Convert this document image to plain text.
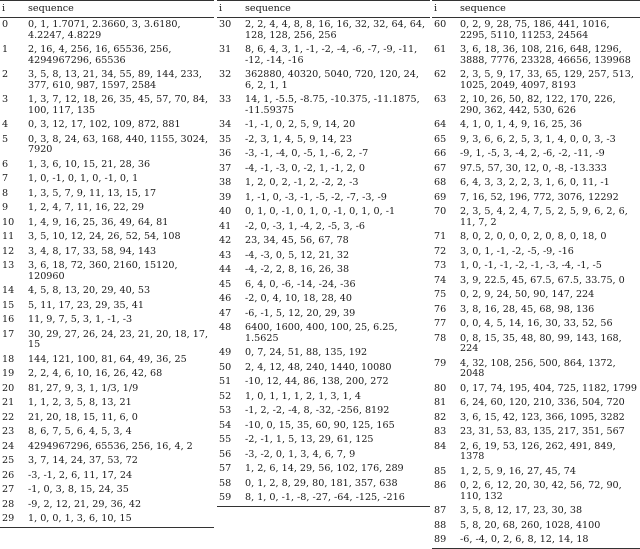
i	sequence
0	0, 1, 1.7071, 2.3660, 3, 3.6180, 4.2247, 4.8229
1	2, 16, 4, 256, 16, 65536, 256, 4294967296, 65536
2	3, 5, 8, 13, 21, 34, 55, 89, 144, 233, 377, 610, 987, 1597, 2584
3	1, 3, 7, 12, 18, 26, 35, 45, 57, 70, 84, 100, 117, 135
4	0, 3, 12, 17, 102, 109, 872, 881
5	0, 3, 8, 24, 63, 168, 440, 1155, 3024, 7920
6	1, 3, 6, 10, 15, 21, 28, 36
7	1, 0, -1, 0, 1, 0, -1, 0, 1
8	1, 3, 5, 7, 9, 11, 13, 15, 17
9	1, 2, 4, 7, 11, 16, 22, 29
10	1, 4, 9, 16, 25, 36, 49, 64, 81
11	3, 5, 10, 12, 24, 26, 52, 54, 108
12	3, 4, 8, 17, 33, 58, 94, 143
13	3, 6, 18, 72, 360, 2160, 15120, 120960
14	4, 5, 8, 13, 20, 29, 40, 53
15	5, 11, 17, 23, 29, 35, 41
16	11, 9, 7, 5, 3, 1, -1, -3
17	30, 29, 27, 26, 24, 23, 21, 20, 18, 17, 15
18	144, 121, 100, 81, 64, 49, 36, 25
19	2, 2, 4, 6, 10, 16, 26, 42, 68
20	81, 27, 9, 3, 1, 1/3, 1/9
21	1, 1, 2, 3, 5, 8, 13, 21
22	21, 20, 18, 15, 11, 6, 0
23	8, 6, 7, 5, 6, 4, 5, 3, 4
24	4294967296, 65536, 256, 16, 4, 2
25	3, 7, 14, 24, 37, 53, 72
26	-3, -1, 2, 6, 11, 17, 24
27	-1, 0, 3, 8, 15, 24, 35
28	-9, 2, 12, 21, 29, 36, 42
29	1, 0, 0, 1, 3, 6, 10, 15
i	sequence
30	2, 2, 4, 4, 8, 8, 16, 16, 32, 32, 64, 64, 128, 128, 256, 256
31	8, 6, 4, 3, 1, -1, -2, -4, -6, -7, -9, -11, -12, -14, -16
32	362880, 40320, 5040, 720, 120, 24, 6, 2, 1, 1
33	14, 1, -5.5, -8.75, -10.375, -11.1875, -11.59375
34	-1, -1, 0, 2, 5, 9, 14, 20
35	-2, 3, 1, 4, 5, 9, 14, 23
36	-3, -1, -4, 0, -5, 1, -6, 2, -7
37	-4, -1, -3, 0, -2, 1, -1, 2, 0
38	1, 2, 0, 2, -1, 2, -2, 2, -3
39	1, -1, 0, -3, -1, -5, -2, -7, -3, -9
40	0, 1, 0, -1, 0, 1, 0, -1, 0, 1, 0, -1
41	-2, 0, -3, 1, -4, 2, -5, 3, -6
42	23, 34, 45, 56, 67, 78
43	-4, -3, 0, 5, 12, 21, 32
44	-4, -2, 2, 8, 16, 26, 38
45	6, 4, 0, -6, -14, -24, -36
46	-2, 0, 4, 10, 18, 28, 40
47	-6, -1, 5, 12, 20, 29, 39
48	6400, 1600, 400, 100, 25, 6.25, 1.5625
49	0, 7, 24, 51, 88, 135, 192
50	2, 4, 12, 48, 240, 1440, 10080
51	-10, 12, 44, 86, 138, 200, 272
52	1, 0, 1, 1, 1, 2, 1, 3, 1, 4
53	-1, 2, -2, -4, 8, -32, -256, 8192
54	-10, 0, 15, 35, 60, 90, 125, 165
55	-2, -1, 1, 5, 13, 29, 61, 125
56	-3, -2, 0, 1, 3, 4, 6, 7, 9
57	1, 2, 6, 14, 29, 56, 102, 176, 289
58	0, 1, 2, 8, 29, 80, 181, 357, 638
59	8, 1, 0, -1, -8, -27, -64, -125, -216
i	sequence
60	0, 2, 9, 28, 75, 186, 441, 1016, 2295, 5110, 11253, 24564
61	3, 6, 18, 36, 108, 216, 648, 1296, 3888, 7776, 23328, 46656, 139968
62	2, 3, 5, 9, 17, 33, 65, 129, 257, 513, 1025, 2049, 4097, 8193
63	2, 10, 26, 50, 82, 122, 170, 226, 290, 362, 442, 530, 626
64	4, 1, 0, 1, 4, 9, 16, 25, 36
65	9, 3, 6, 6, 2, 5, 3, 1, 4, 0, 0, 3, -3
66	-9, 1, -5, 3, -4, 2, -6, -2, -11, -9
67	97.5, 57, 30, 12, 0, -8, -13.333
68	6, 4, 3, 3, 2, 2, 3, 1, 6, 0, 11, -1
69	7, 16, 52, 196, 772, 3076, 12292
70	2, 3, 5, 4, 2, 4, 7, 5, 2, 5, 9, 6, 2, 6, 11, 7, 2
71	8, 0, 2, 0, 0, 0, 2, 0, 8, 0, 18, 0
72	3, 0, 1, -1, -2, -5, -9, -16
73	1, 0, -1, -1, -2, -1, -3, -4, -1, -5
74	3, 9, 22.5, 45, 67.5, 67.5, 33.75, 0
75	0, 2, 9, 24, 50, 90, 147, 224
76	3, 8, 16, 28, 45, 68, 98, 136
77	0, 0, 4, 5, 14, 16, 30, 33, 52, 56
78	0, 8, 15, 35, 48, 80, 99, 143, 168, 224
79	4, 32, 108, 256, 500, 864, 1372, 2048
80	0, 17, 74, 195, 404, 725, 1182, 1799
81	6, 24, 60, 120, 210, 336, 504, 720
82	3, 6, 15, 42, 123, 366, 1095, 3282
83	23, 31, 53, 83, 135, 217, 351, 567
84	2, 6, 19, 53, 126, 262, 491, 849, 1378
85	1, 2, 5, 9, 16, 27, 45, 74
86	0, 2, 6, 12, 20, 30, 42, 56, 72, 90, 110, 132
87	3, 5, 8, 12, 17, 23, 30, 38
88	5, 8, 20, 68, 260, 1028, 4100
89	-6, -4, 0, 2, 6, 8, 12, 14, 18
